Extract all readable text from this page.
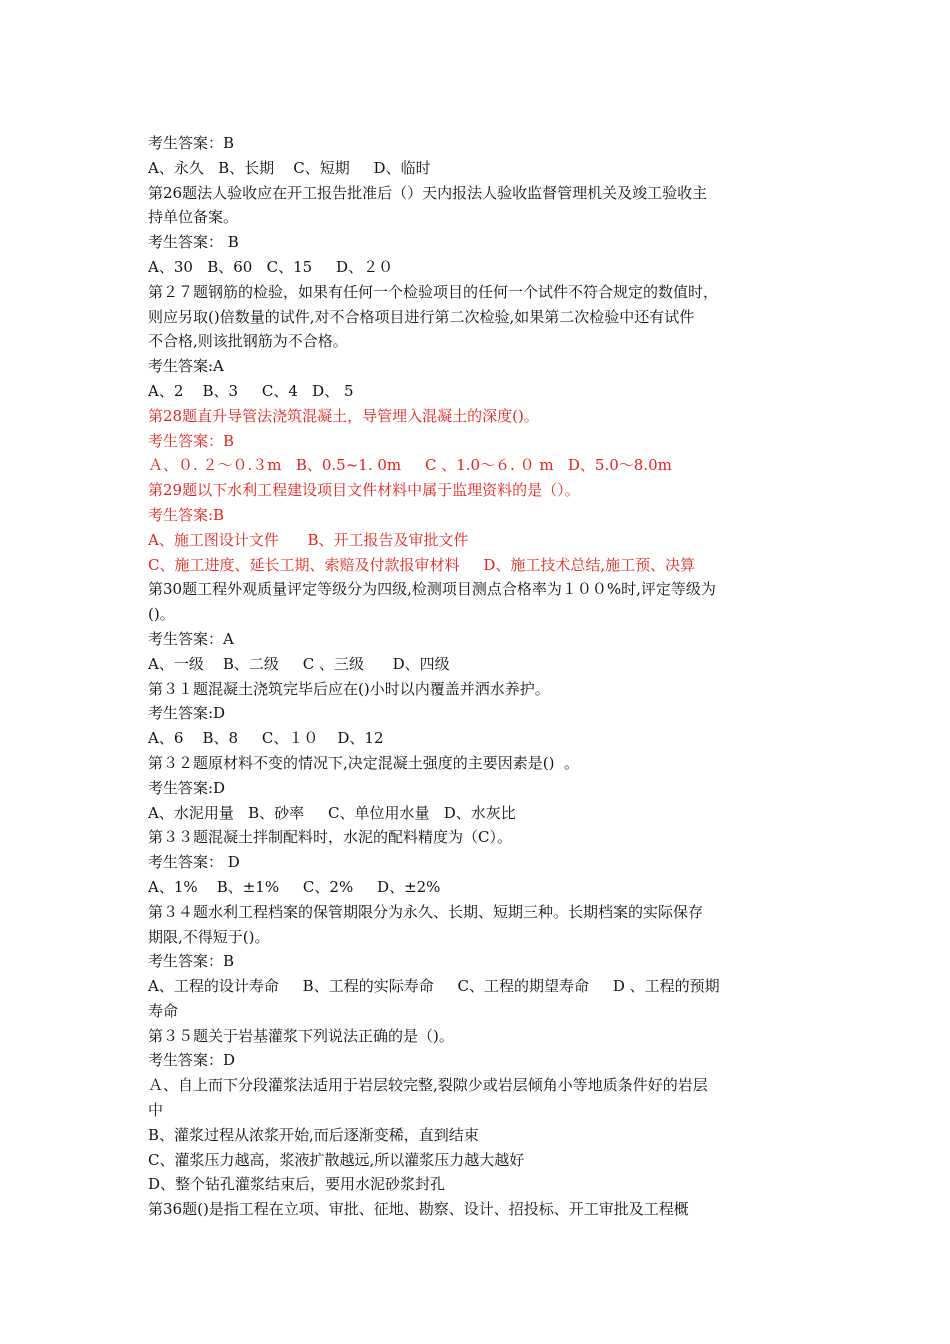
考生答案：B
A、永久   B、长期    C、短期     D、临时
第26题法人验收应在开工报告批准后（）天内报法人验收监督管理机关及竣工验收主
持单位备案。
考生答案： B
A、30   B、60   C、15     D、２０
第２７题钢筋的检验，如果有任何一个检验项目的任何一个试件不符合规定的数值时，
则应另取()倍数量的试件,对不合格项目进行第二次检验,如果第二次检验中还有试件
不合格,则该批钢筋为不合格。
考生答案:A
A、2    B、3     C、4   D、 5
第28题直升导管法浇筑混凝土，导管埋入混凝土的深度()。
考生答案：B
Ａ、０. ２～０.３m   B、0.5~1. 0m     C 、1.0～６. ０ m   D、5.0～8.0m
第29题以下水利工程建设项目文件材料中属于监理资料的是（）。
考生答案:B
A、施工图设计文件      B、开工报告及审批文件
C、施工进度、延长工期、索赔及付款报审材料     D、施工技术总结,施工预、决算
第30题工程外观质量评定等级分为四级,检测项目测点合格率为１００%时,评定等级为
()。
考生答案：A
A、一级    B、二级     C 、三级      D、四级
第３１题混凝土浇筑完毕后应在()小时以内覆盖并洒水养护。
考生答案:D
A、6    B、8     C、１０    D、12
第３２题原材料不变的情况下,决定混凝土强度的主要因素是()  。
考生答案:D
A、水泥用量   B、砂率     C、单位用水量   D、水灰比
第３３题混凝土拌制配料时，水泥的配料精度为（C）。
考生答案： D
A、1%    B、±1%     C、2%     D、±2%
第３４题水利工程档案的保管期限分为永久、长期、短期三种。长期档案的实际保存
期限,不得短于()。
考生答案：B
A、工程的设计寿命     B、工程的实际寿命     C、工程的期望寿命     D 、工程的预期
寿命
第３５题关于岩基灌浆下列说法正确的是（)。
考生答案：D
Ａ、自上而下分段灌浆法适用于岩层较完整,裂隙少或岩层倾角小等地质条件好的岩层
中
B、灌浆过程从浓浆开始,而后逐渐变稀，直到结束
C、灌浆压力越高，浆液扩散越远,所以灌浆压力越大越好
D、整个钻孔灌浆结束后，要用水泥砂浆封孔
第36题()是指工程在立项、审批、征地、勘察、设计、招投标、开工审批及工程概
